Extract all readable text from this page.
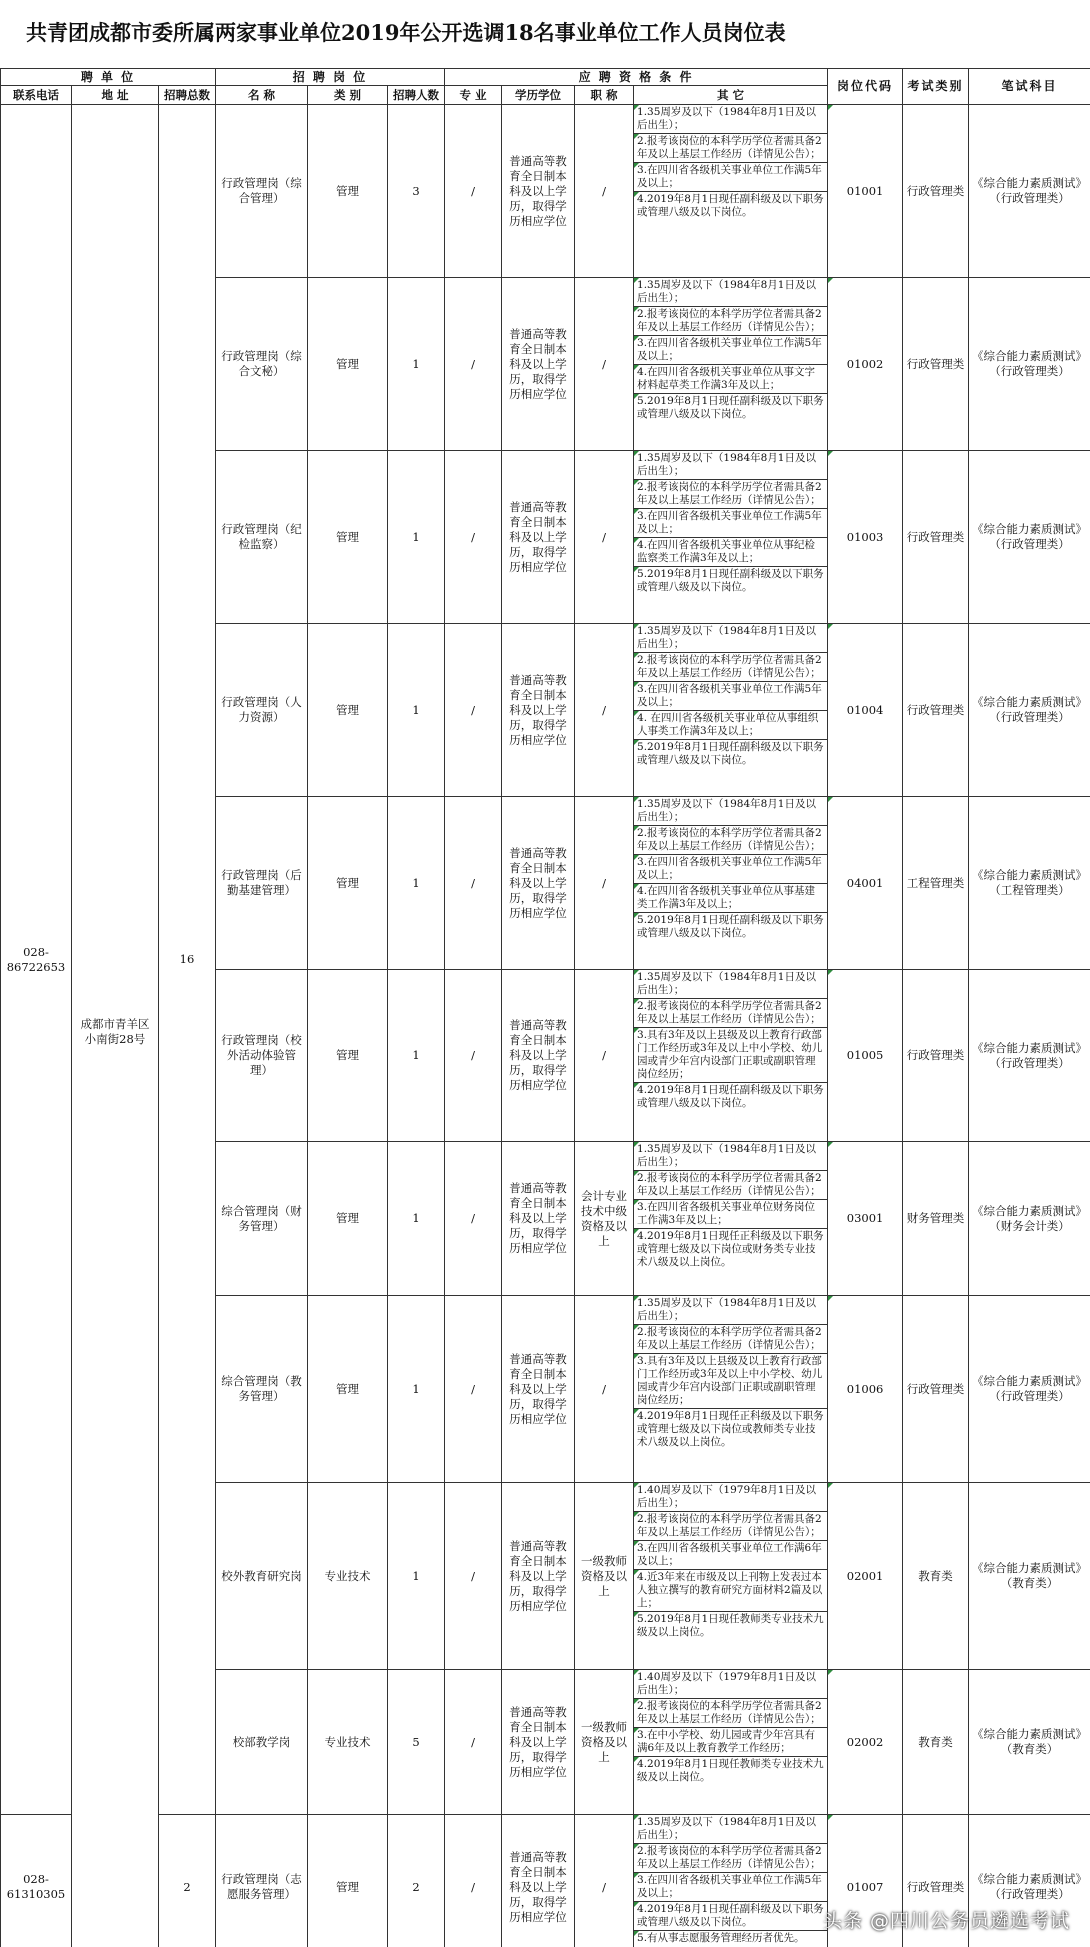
共青团成都市委所属两家事业单位2019年公开选调18名事业单位工作人员岗位表
聘 单 位			招 聘 岗 位			应 聘 资 格 条 件				岗位代码	考试类别	笔试科目
联系电话	地 址	招聘总数	名 称	类 别	招聘人数	专 业	学历学位	职 称	其 它			
028-86722653	成都市青羊区小南街28号	16	行政管理岗（综合管理）	管理	3	/	普通高等教育全日制本科及以上学历，取得学历相应学位	/	1.35周岁及以下（1984年8月1日及以后出生）；
2.报考该岗位的本科学历学位者需具备2年及以上基层工作经历（详情见公告）；
3.在四川省各级机关事业单位工作满5年及以上；
4.2019年8月1日现任副科级及以下职务或管理八级及以下岗位。	01001	行政管理类	《综合能力素质测试》（行政管理类）
			行政管理岗（综合文秘）	管理	1	/	普通高等教育全日制本科及以上学历，取得学历相应学位	/	1.35周岁及以下（1984年8月1日及以后出生）；
2.报考该岗位的本科学历学位者需具备2年及以上基层工作经历（详情见公告）；
3.在四川省各级机关事业单位工作满5年及以上；
4.在四川省各级机关事业单位从事文字材料起草类工作满3年及以上；
5.2019年8月1日现任副科级及以下职务或管理八级及以下岗位。	01002	行政管理类	《综合能力素质测试》（行政管理类）
			行政管理岗（纪检监察）	管理	1	/	普通高等教育全日制本科及以上学历，取得学历相应学位	/	1.35周岁及以下（1984年8月1日及以后出生）；
2.报考该岗位的本科学历学位者需具备2年及以上基层工作经历（详情见公告）；
3.在四川省各级机关事业单位工作满5年及以上；
4.在四川省各级机关事业单位从事纪检监察类工作满3年及以上；
5.2019年8月1日现任副科级及以下职务或管理八级及以下岗位。	01003	行政管理类	《综合能力素质测试》（行政管理类）
			行政管理岗（人力资源）	管理	1	/	普通高等教育全日制本科及以上学历，取得学历相应学位	/	1.35周岁及以下（1984年8月1日及以后出生）；
2.报考该岗位的本科学历学位者需具备2年及以上基层工作经历（详情见公告）；
3.在四川省各级机关事业单位工作满5年及以上；
4. 在四川省各级机关事业单位从事组织人事类工作满3年及以上；
5.2019年8月1日现任副科级及以下职务或管理八级及以下岗位。	01004	行政管理类	《综合能力素质测试》（行政管理类）
			行政管理岗（后勤基建管理）	管理	1	/	普通高等教育全日制本科及以上学历，取得学历相应学位	/	1.35周岁及以下（1984年8月1日及以后出生）；
2.报考该岗位的本科学历学位者需具备2年及以上基层工作经历（详情见公告）；
3.在四川省各级机关事业单位工作满5年及以上；
4.在四川省各级机关事业单位从事基建类工作满3年及以上；
5.2019年8月1日现任副科级及以下职务或管理八级及以下岗位。	04001	工程管理类	《综合能力素质测试》（工程管理类）
			行政管理岗（校外活动体验管理）	管理	1	/	普通高等教育全日制本科及以上学历，取得学历相应学位	/	1.35周岁及以下（1984年8月1日及以后出生）；
2.报考该岗位的本科学历学位者需具备2年及以上基层工作经历（详情见公告）；
3.具有3年及以上县级及以上教育行政部门工作经历或3年及以上中小学校、幼儿园或青少年宫内设部门正职或副职管理岗位经历；
4.2019年8月1日现任副科级及以下职务或管理八级及以下岗位。	01005	行政管理类	《综合能力素质测试》（行政管理类）
			综合管理岗（财务管理）	管理	1	/	普通高等教育全日制本科及以上学历，取得学历相应学位	会计专业技术中级资格及以上	1.35周岁及以下（1984年8月1日及以后出生）；
2.报考该岗位的本科学历学位者需具备2年及以上基层工作经历（详情见公告）；
3.在四川省各级机关事业单位财务岗位工作满3年及以上；
4.2019年8月1日现任正科级及以下职务或管理七级及以下岗位或财务类专业技术八级及以上岗位。	03001	财务管理类	《综合能力素质测试》（财务会计类）
			综合管理岗（教务管理）	管理	1	/	普通高等教育全日制本科及以上学历，取得学历相应学位	/	1.35周岁及以下（1984年8月1日及以后出生）；
2.报考该岗位的本科学历学位者需具备2年及以上基层工作经历（详情见公告）；
3.具有3年及以上县级及以上教育行政部门工作经历或3年及以上中小学校、幼儿园或青少年宫内设部门正职或副职管理岗位经历；
4.2019年8月1日现任正科级及以下职务或管理七级及以下岗位或教师类专业技术八级及以上岗位。	01006	行政管理类	《综合能力素质测试》（行政管理类）
			校外教育研究岗	专业技术	1	/	普通高等教育全日制本科及以上学历，取得学历相应学位	一级教师资格及以上	1.40周岁及以下（1979年8月1日及以后出生）；
2.报考该岗位的本科学历学位者需具备2年及以上基层工作经历（详情见公告）；
3.在四川省各级机关事业单位工作满6年及以上；
4.近3年来在市级及以上刊物上发表过本人独立撰写的教育研究方面材料2篇及以上；
5.2019年8月1日现任教师类专业技术九级及以上岗位。	02001	教育类	《综合能力素质测试》（教育类）
			校部教学岗	专业技术	5	/	普通高等教育全日制本科及以上学历，取得学历相应学位	一级教师资格及以上	1.40周岁及以下（1979年8月1日及以后出生）；
2.报考该岗位的本科学历学位者需具备2年及以上基层工作经历（详情见公告）；
3.在中小学校、幼儿园或青少年宫具有满6年及以上教育教学工作经历；
4.2019年8月1日现任教师类专业技术九级及以上岗位。	02002	教育类	《综合能力素质测试》（教育类）
028-61310305		2	行政管理岗（志愿服务管理）	管理	2	/	普通高等教育全日制本科及以上学历，取得学历相应学位	/	1.35周岁及以下（1984年8月1日及以后出生）；
2.报考该岗位的本科学历学位者需具备2年及以上基层工作经历（详情见公告）；
3.在四川省各级机关事业单位工作满5年及以上；
4.2019年8月1日现任副科级及以下职务或管理八级及以下岗位。
5.有从事志愿服务管理经历者优先。	01007	行政管理类	《综合能力素质测试》（行政管理类）
头条 @四川公务员遴选考试
